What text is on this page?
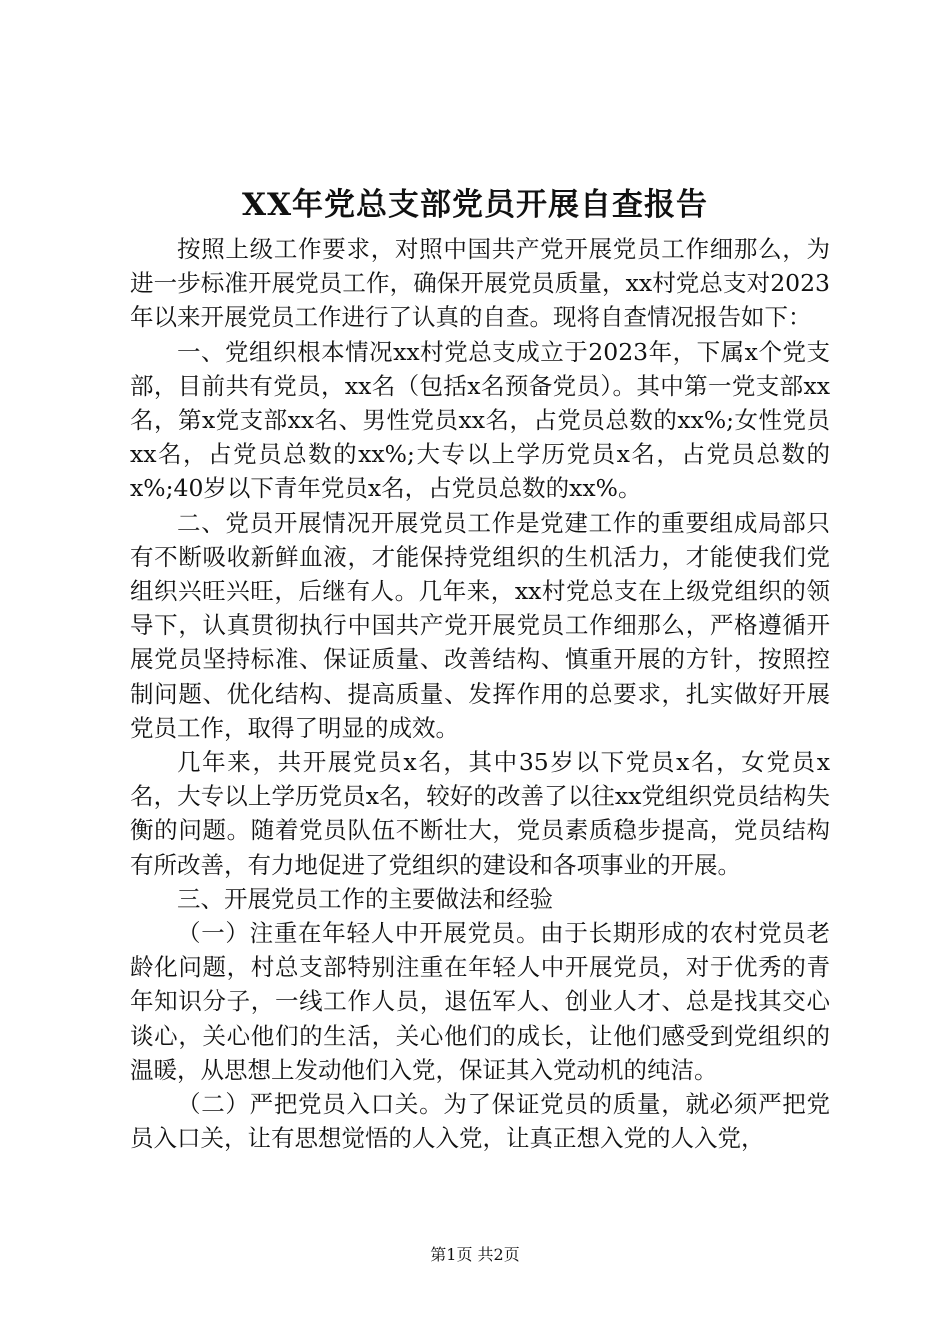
XX年党总支部党员开展自查报告

按照上级工作要求，对照中国共产党开展党员工作细那么，为进一步标准开展党员工作，确保开展党员质量，xx村党总支对2023年以来开展党员工作进行了认真的自查。现将自查情况报告如下：

一、党组织根本情况xx村党总支成立于2023年，下属x个党支部，目前共有党员，xx名（包括x名预备党员）。其中第一党支部xx名，第x党支部xx名、男性党员xx名，占党员总数的xx%;女性党员xx名，占党员总数的xx%;大专以上学历党员x名，占党员总数的x%;40岁以下青年党员x名，占党员总数的xx%。

二、党员开展情况开展党员工作是党建工作的重要组成局部只有不断吸收新鲜血液，才能保持党组织的生机活力，才能使我们党组织兴旺兴旺，后继有人。几年来，xx村党总支在上级党组织的领导下，认真贯彻执行中国共产党开展党员工作细那么，严格遵循开展党员坚持标准、保证质量、改善结构、慎重开展的方针，按照控制问题、优化结构、提高质量、发挥作用的总要求，扎实做好开展党员工作，取得了明显的成效。

几年来，共开展党员x名，其中35岁以下党员x名，女党员x名，大专以上学历党员x名，较好的改善了以往xx党组织党员结构失衡的问题。随着党员队伍不断壮大，党员素质稳步提高，党员结构有所改善，有力地促进了党组织的建设和各项事业的开展。

三、开展党员工作的主要做法和经验

（一）注重在年轻人中开展党员。由于长期形成的农村党员老龄化问题，村总支部特别注重在年轻人中开展党员，对于优秀的青年知识分子，一线工作人员，退伍军人、创业人才、总是找其交心谈心，关心他们的生活，关心他们的成长，让他们感受到党组织的温暖，从思想上发动他们入党，保证其入党动机的纯洁。

（二）严把党员入口关。为了保证党员的质量，就必须严把党员入口关，让有思想觉悟的人入党，让真正想入党的人入党，

第1页 共2页
